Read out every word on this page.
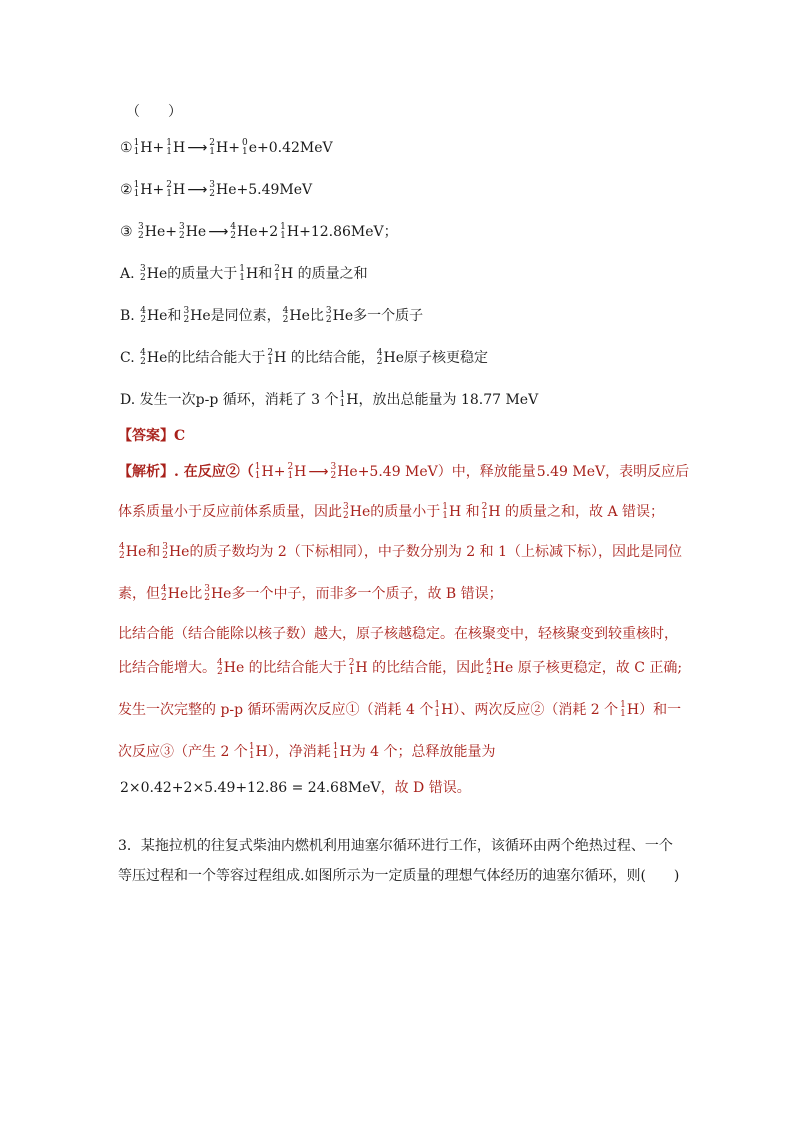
（　　）
① 1
1 H+ 1
1 H ⟶ 2
1 H+ 0
1 e+0.42MeV
② 1
1 H+ 2
1 H ⟶ 3
2 He+5.49MeV
③ 3
2 He+ 3
2 He ⟶ 4
2 He+2 1
1 H+12.86MeV；
A. 3
2 He的质量大于 1
1 H和 2
1 H 的质量之和
B. 4
2 He和 3
2 He是同位素， 4
2 He比 3
2 He多一个质子
C. 4
2 He的比结合能大于 2
1 H 的比结合能， 4
2 He原子核更稳定
D. 发生一次p-p 循环，消耗了 3 个 1
1 H，放出总能量为 18.77 MeV
【答案】C
【解析】. 在反应②（ 1
1 H+ 2
1 H ⟶ 3
2 He+5.49 MeV）中，释放能量 5.49 MeV，表明反应后
体系质量小于反应前体系质量，因此 3
2 He的质量小于 1
1 H 和 2
1 H 的质量之和，故 A 错误；
4
2 He和 3
2 He的质子数均为 2（下标相同），中子数分别为 2 和 1（上标减下标），因此是同位
素，但 4
2 He比 3
2 He多一个中子，而非多一个质子，故 B 错误；
比结合能（结合能除以核子数）越大，原子核越稳定。在核聚变中，轻核聚变到较重核时，
比结合能增大。 4
2 He 的比结合能大于 2
1 H 的比结合能，因此 4
2 He 原子核更稳定，故 C 正确;
发生一次完整的 p-p 循环需两次反应①（消耗 4 个 1
1 H）、两次反应②（消耗 2 个 1
1 H）和一
次反应③（产生 2 个 1
1 H），净消耗 1
1 H为 4 个；总释放能量为
2×0.42+2×5.49+12.86 = 24.68MeV，故 D 错误。
3．某拖拉机的往复式柴油内燃机利用迪塞尔循环进行工作，该循环由两个绝热过程、一个
等压过程和一个等容过程组成.如图所示为一定质量的理想气体经历的迪塞尔循环，则(　　)
